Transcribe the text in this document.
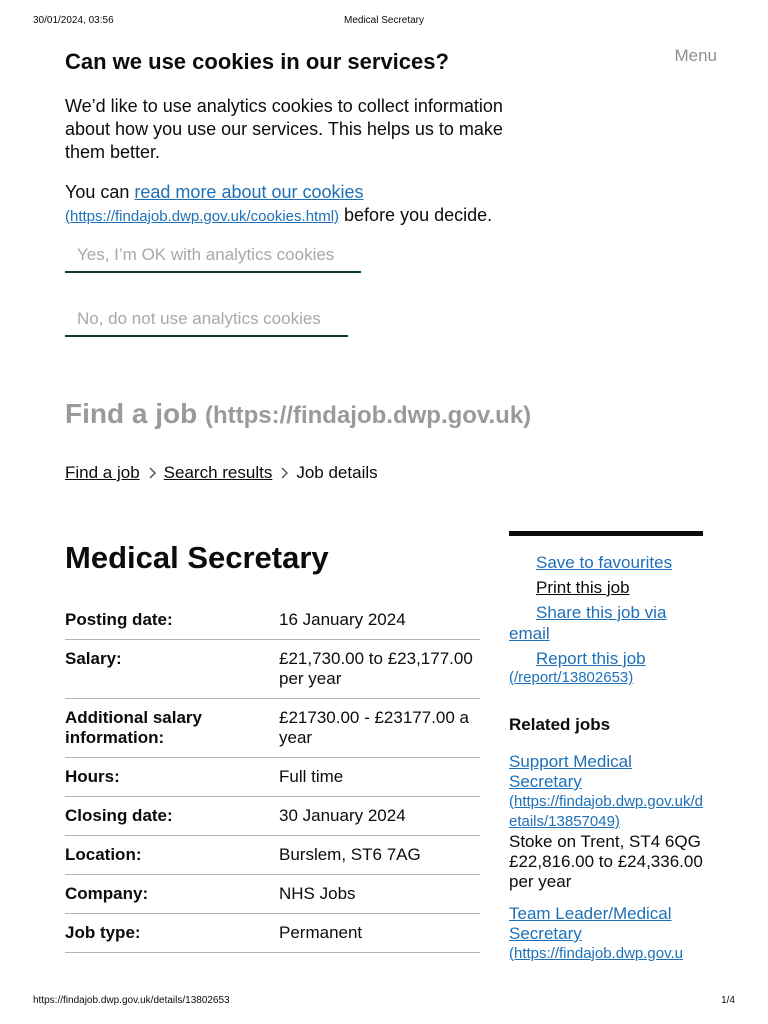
30/01/2024, 03:56	Medical Secretary
Can we use cookies in our services?

We’d like to use analytics cookies to collect information about how you use our services. This helps us to make them better.

You can read more about our cookies
(https://findajob.dwp.gov.uk/cookies.html) before you decide.

Yes, I’m OK with analytics cookies
No, do not use analytics cookies
Menu
Find a job (https://findajob.dwp.gov.uk)
Find a job Search results Job details
Medical Secretary
Posting date:	16 January 2024
Salary:	£21,730.00 to £23,177.00 per year
Additional salary information:
£21730.00 - £23177.00 a year
Hours:	Full time
Closing date:	30 January 2024
Location:	Burslem, ST6 7AG
Company:	NHS Jobs
Job type:	Permanent
Save to favourites
Print this job
Share this job via email
Report this job
(/report/13802653)
Related jobs
Support Medical Secretary
(https://findajob.dwp.gov.uk/details/13857049)
Stoke on Trent, ST4 6QG
£22,816.00 to £24,336.00 per year
Team Leader/Medical Secretary
(https://findajob.dwp.gov.u
https://findajob.dwp.gov.uk/details/13802653	1/4
